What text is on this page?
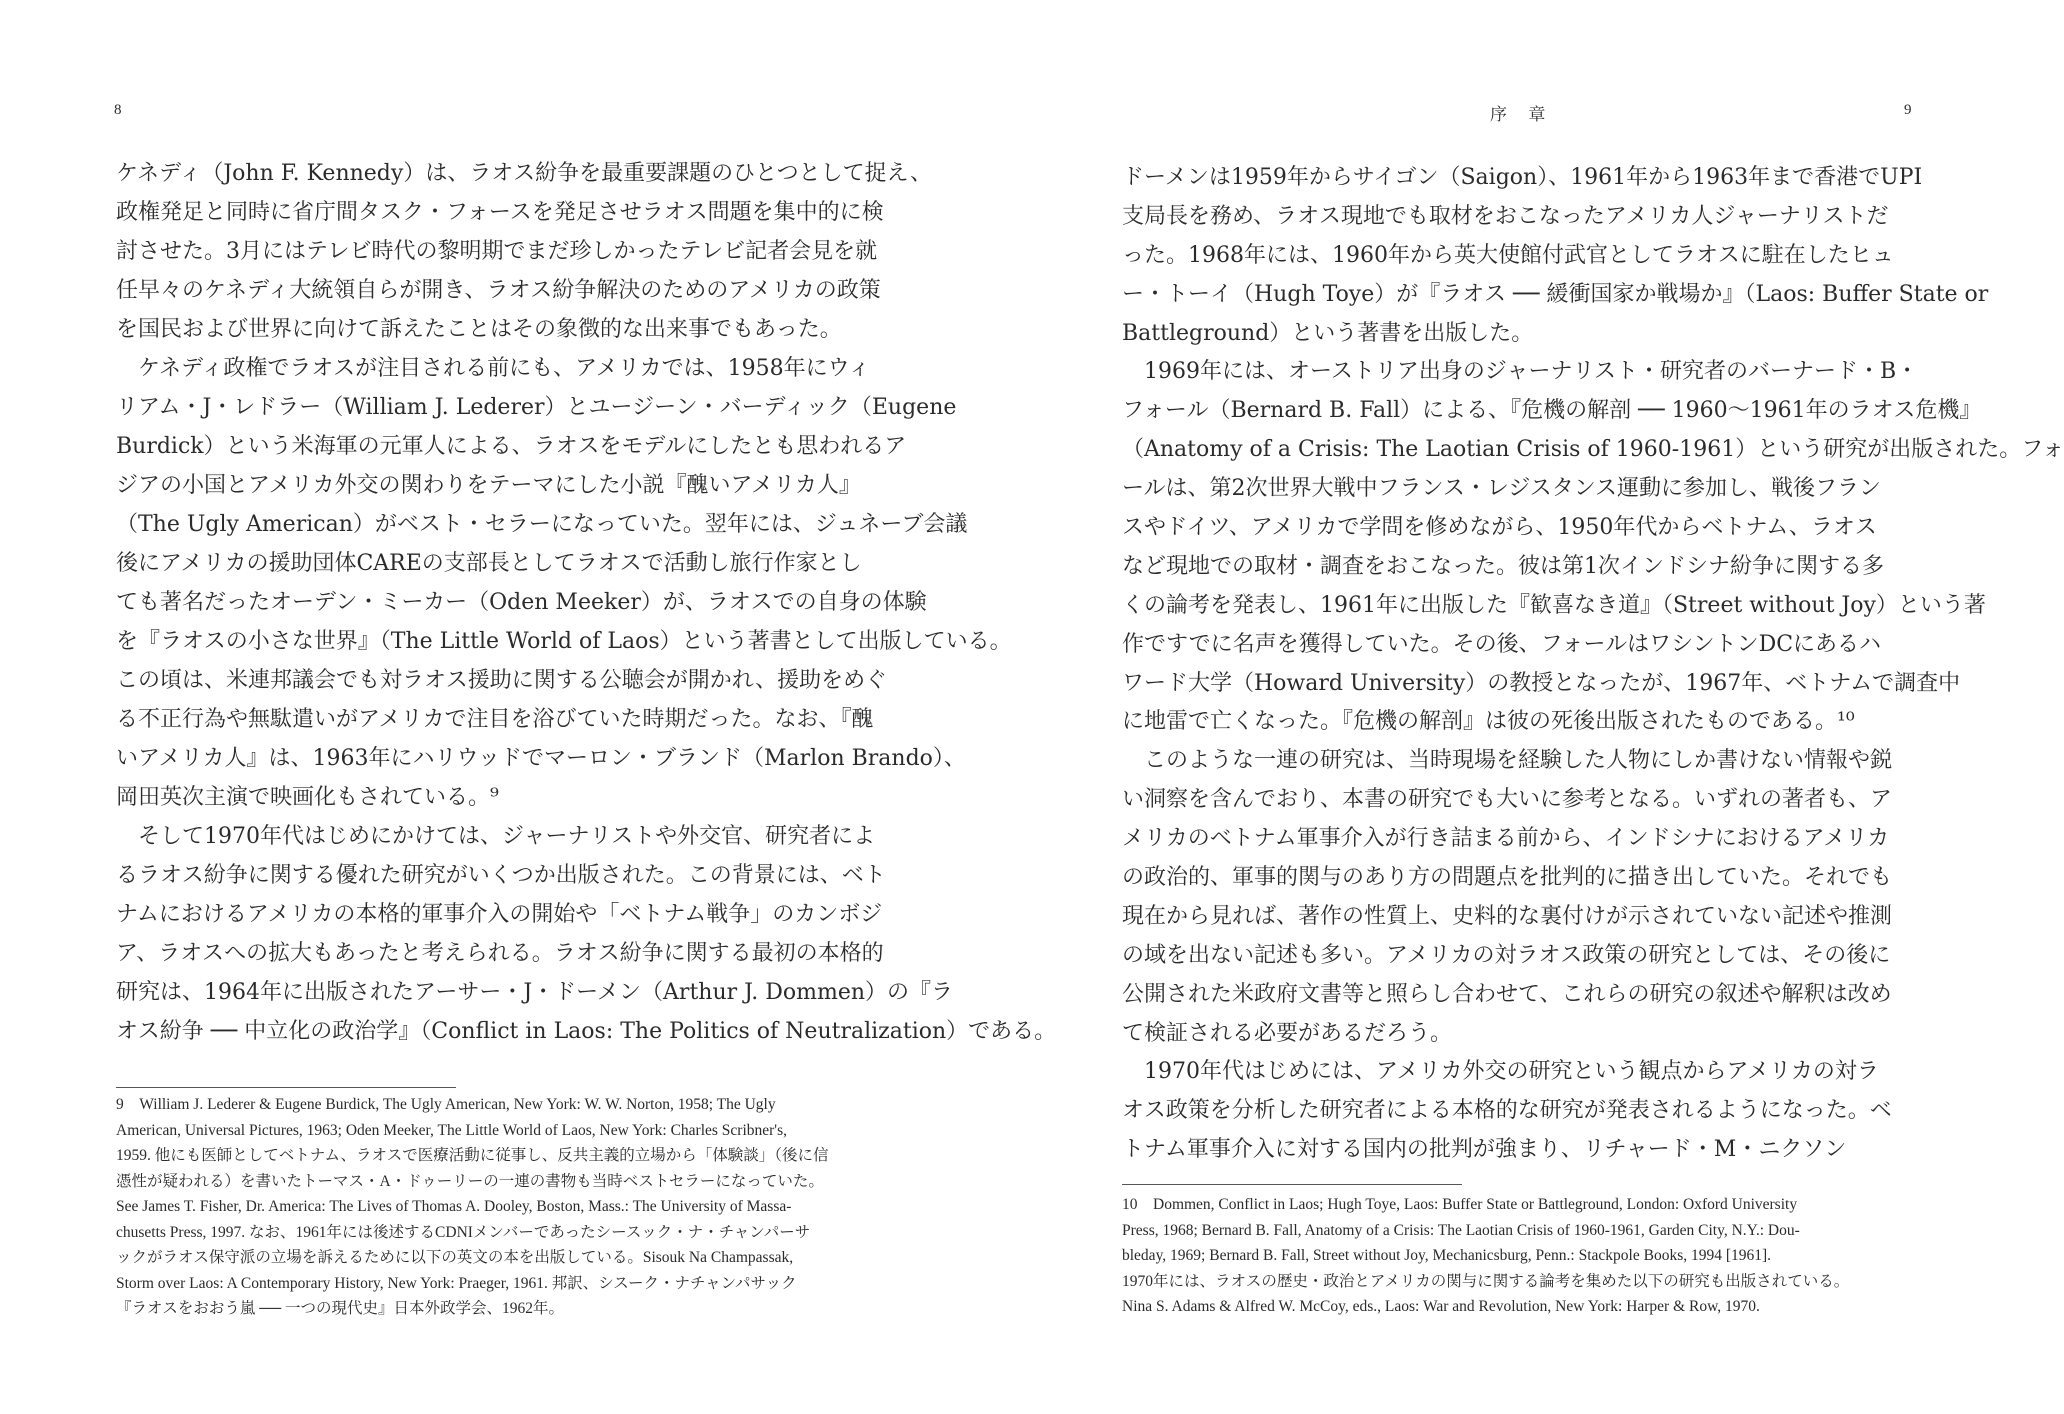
8
ケネディ（John F. Kennedy）は、ラオス紛争を最重要課題のひとつとして捉え、
政権発足と同時に省庁間タスク・フォースを発足させラオス問題を集中的に検
討させた。3月にはテレビ時代の黎明期でまだ珍しかったテレビ記者会見を就
任早々のケネディ大統領自らが開き、ラオス紛争解決のためのアメリカの政策
を国民および世界に向けて訴えたことはその象徴的な出来事でもあった。
　ケネディ政権でラオスが注目される前にも、アメリカでは、1958年にウィ
リアム・J・レドラー（William J. Lederer）とユージーン・バーディック（Eugene
Burdick）という米海軍の元軍人による、ラオスをモデルにしたとも思われるア
ジアの小国とアメリカ外交の関わりをテーマにした小説『醜いアメリカ人』
（The Ugly American）がベスト・セラーになっていた。翌年には、ジュネーブ会議
後にアメリカの援助団体CAREの支部長としてラオスで活動し旅行作家とし
ても著名だったオーデン・ミーカー（Oden Meeker）が、ラオスでの自身の体験
を『ラオスの小さな世界』（The Little World of Laos）という著書として出版している。
この頃は、米連邦議会でも対ラオス援助に関する公聴会が開かれ、援助をめぐ
る不正行為や無駄遣いがアメリカで注目を浴びていた時期だった。なお、『醜
いアメリカ人』は、1963年にハリウッドでマーロン・ブランド（Marlon Brando）、
岡田英次主演で映画化もされている。⁹
　そして1970年代はじめにかけては、ジャーナリストや外交官、研究者によ
るラオス紛争に関する優れた研究がいくつか出版された。この背景には、ベト
ナムにおけるアメリカの本格的軍事介入の開始や「ベトナム戦争」のカンボジ
ア、ラオスへの拡大もあったと考えられる。ラオス紛争に関する最初の本格的
研究は、1964年に出版されたアーサー・J・ドーメン（Arthur J. Dommen）の『ラ
オス紛争 ── 中立化の政治学』（Conflict in Laos: The Politics of Neutralization）である。
9　William J. Lederer & Eugene Burdick, The Ugly American, New York: W. W. Norton, 1958; The Ugly
American, Universal Pictures, 1963; Oden Meeker, The Little World of Laos, New York: Charles Scribner's,
1959. 他にも医師としてベトナム、ラオスで医療活動に従事し、反共主義的立場から「体験談」（後に信
憑性が疑われる）を書いたトーマス・A・ドゥーリーの一連の書物も当時ベストセラーになっていた。
See James T. Fisher, Dr. America: The Lives of Thomas A. Dooley, Boston, Mass.: The University of Massa-
chusetts Press, 1997. なお、1961年には後述するCDNIメンバーであったシースック・ナ・チャンパーサ
ックがラオス保守派の立場を訴えるために以下の英文の本を出版している。Sisouk Na Champassak,
Storm over Laos: A Contemporary History, New York: Praeger, 1961. 邦訳、シスーク・ナチャンパサック
『ラオスをおおう嵐 ── 一つの現代史』日本外政学会、1962年。
序 章	9
ドーメンは1959年からサイゴン（Saigon）、1961年から1963年まで香港でUPI
支局長を務め、ラオス現地でも取材をおこなったアメリカ人ジャーナリストだ
った。1968年には、1960年から英大使館付武官としてラオスに駐在したヒュ
ー・トーイ（Hugh Toye）が『ラオス ── 緩衝国家か戦場か』（Laos: Buffer State or
Battleground）という著書を出版した。
　1969年には、オーストリア出身のジャーナリスト・研究者のバーナード・B・
フォール（Bernard B. Fall）による、『危機の解剖 ── 1960～1961年のラオス危機』
（Anatomy of a Crisis: The Laotian Crisis of 1960-1961）という研究が出版された。フォ
ールは、第2次世界大戦中フランス・レジスタンス運動に参加し、戦後フラン
スやドイツ、アメリカで学問を修めながら、1950年代からベトナム、ラオス
など現地での取材・調査をおこなった。彼は第1次インドシナ紛争に関する多
くの論考を発表し、1961年に出版した『歓喜なき道』（Street without Joy）という著
作ですでに名声を獲得していた。その後、フォールはワシントンDCにあるハ
ワード大学（Howard University）の教授となったが、1967年、ベトナムで調査中
に地雷で亡くなった。『危機の解剖』は彼の死後出版されたものである。¹⁰
　このような一連の研究は、当時現場を経験した人物にしか書けない情報や鋭
い洞察を含んでおり、本書の研究でも大いに参考となる。いずれの著者も、ア
メリカのベトナム軍事介入が行き詰まる前から、インドシナにおけるアメリカ
の政治的、軍事的関与のあり方の問題点を批判的に描き出していた。それでも
現在から見れば、著作の性質上、史料的な裏付けが示されていない記述や推測
の域を出ない記述も多い。アメリカの対ラオス政策の研究としては、その後に
公開された米政府文書等と照らし合わせて、これらの研究の叙述や解釈は改め
て検証される必要があるだろう。
　1970年代はじめには、アメリカ外交の研究という観点からアメリカの対ラ
オス政策を分析した研究者による本格的な研究が発表されるようになった。ベ
トナム軍事介入に対する国内の批判が強まり、リチャード・M・ニクソン
10　Dommen, Conflict in Laos; Hugh Toye, Laos: Buffer State or Battleground, London: Oxford University
Press, 1968; Bernard B. Fall, Anatomy of a Crisis: The Laotian Crisis of 1960-1961, Garden City, N.Y.: Dou-
bleday, 1969; Bernard B. Fall, Street without Joy, Mechanicsburg, Penn.: Stackpole Books, 1994 [1961].
1970年には、ラオスの歴史・政治とアメリカの関与に関する論考を集めた以下の研究も出版されている。
Nina S. Adams & Alfred W. McCoy, eds., Laos: War and Revolution, New York: Harper & Row, 1970.
